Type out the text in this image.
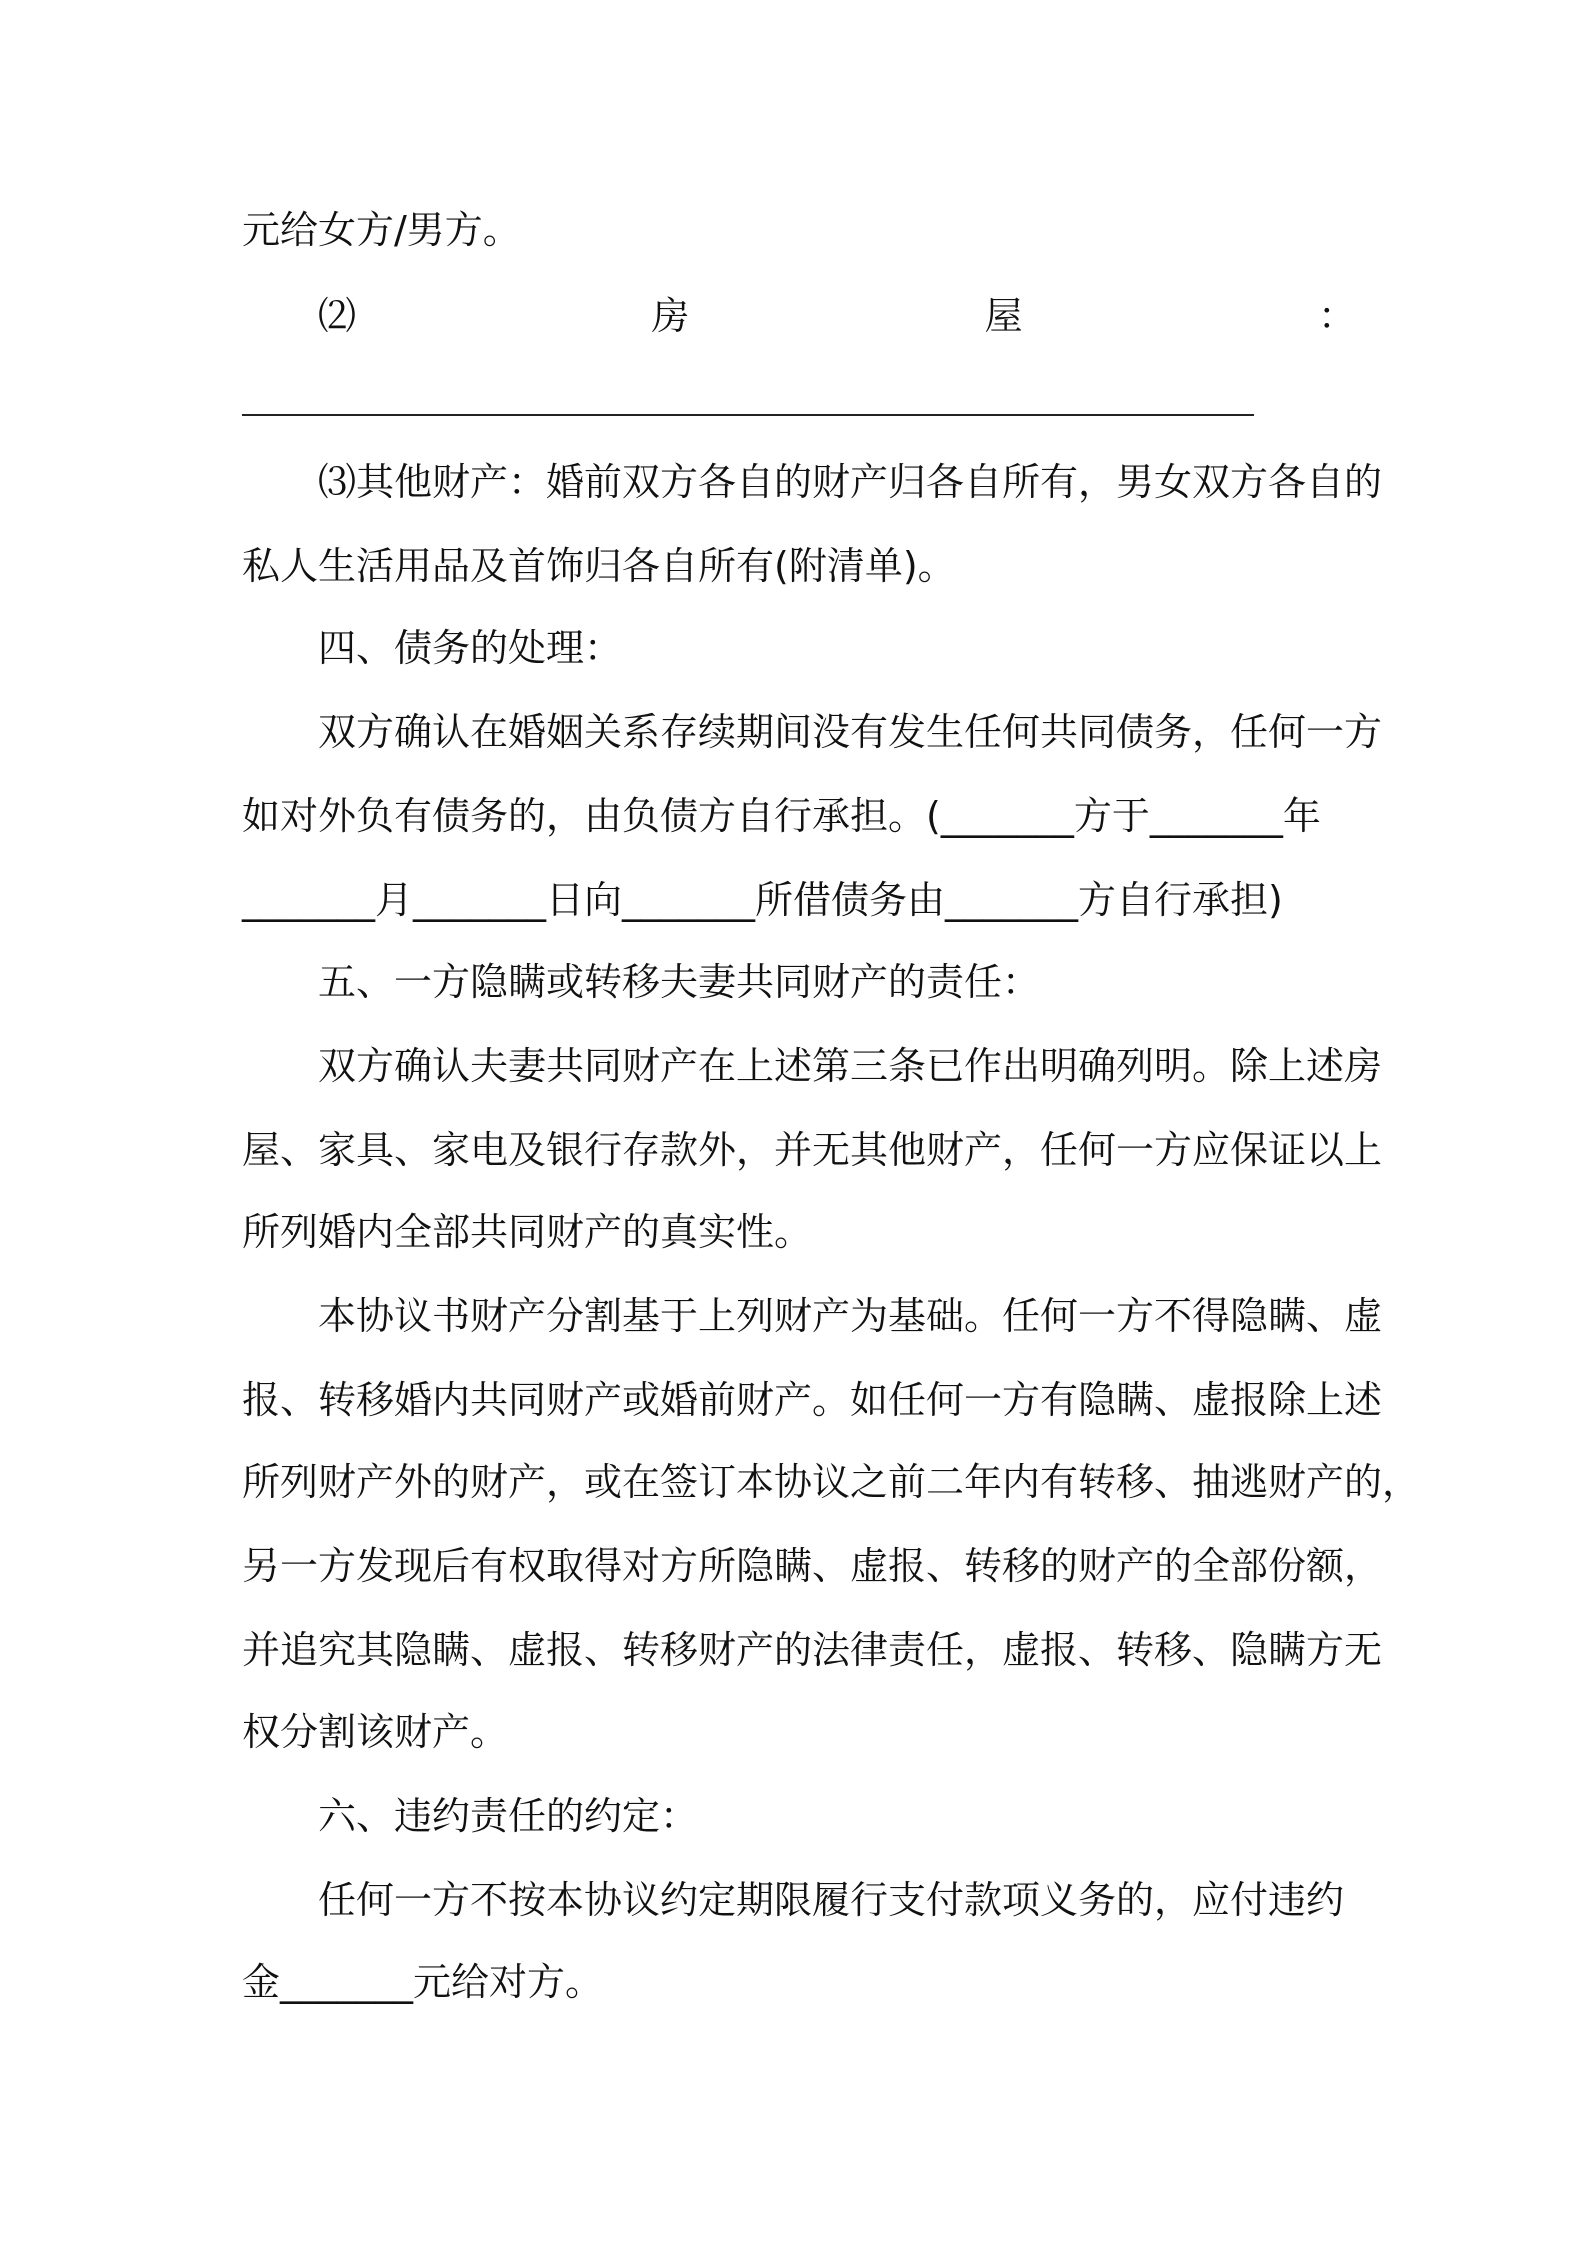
元给女方/男方。
⑵	房	屋	：
⑶其他财产：婚前双方各自的财产归各自所有，男女双方各自的
私人生活用品及首饰归各自所有(附清单)。
四、债务的处理：
双方确认在婚姻关系存续期间没有发生任何共同债务，任何一方
如对外负有债务的，由负债方自行承担。(_______方于_______年
_______月_______日向_______所借债务由_______方自行承担)
五、一方隐瞒或转移夫妻共同财产的责任：
双方确认夫妻共同财产在上述第三条已作出明确列明。除上述房
屋、家具、家电及银行存款外，并无其他财产，任何一方应保证以上
所列婚内全部共同财产的真实性。
本协议书财产分割基于上列财产为基础。任何一方不得隐瞒、虚
报、转移婚内共同财产或婚前财产。如任何一方有隐瞒、虚报除上述
所列财产外的财产，或在签订本协议之前二年内有转移、抽逃财产的，
另一方发现后有权取得对方所隐瞒、虚报、转移的财产的全部份额，
并追究其隐瞒、虚报、转移财产的法律责任，虚报、转移、隐瞒方无
权分割该财产。
六、违约责任的约定：
任何一方不按本协议约定期限履行支付款项义务的，应付违约
金_______元给对方。
